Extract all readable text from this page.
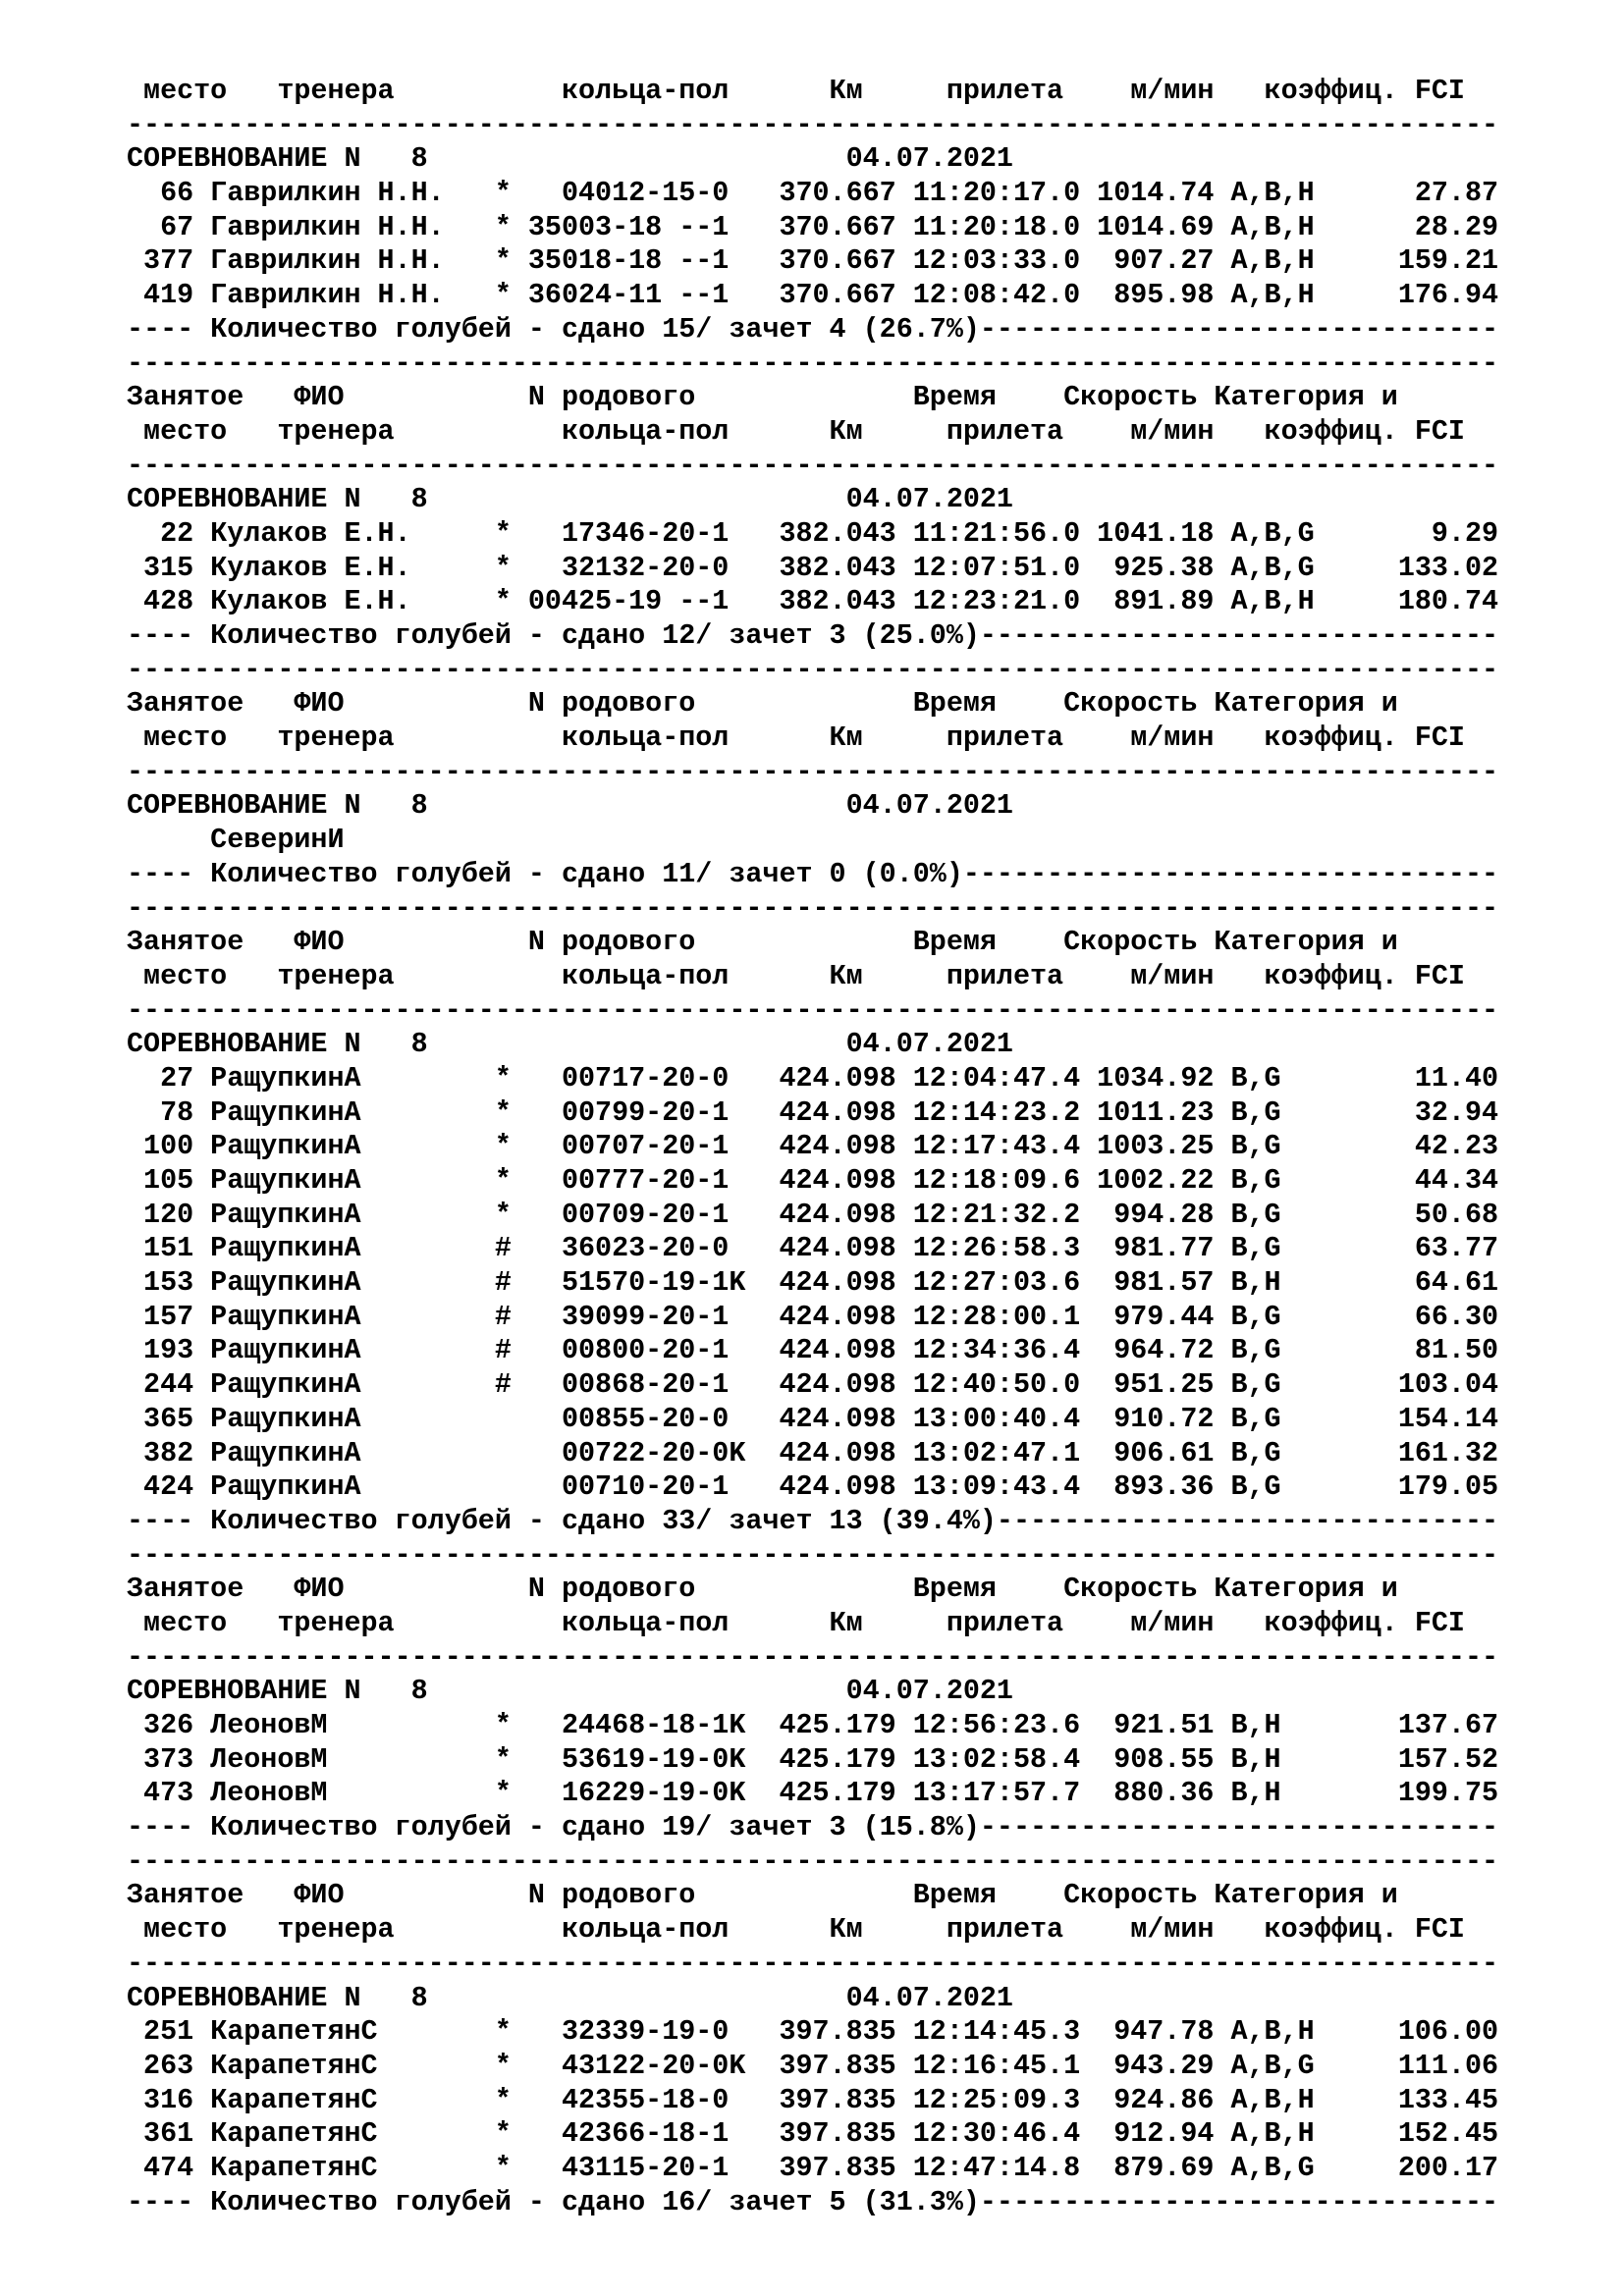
место   тренера          кольца-пол      Км     прилета    м/мин   коэффиц. FCI
----------------------------------------------------------------------------------
СОРЕВНОВАНИЕ N   8                         04.07.2021
66 Гаврилкин Н.Н.   *   04012-15-0   370.667 11:20:17.0 1014.74 A,B,H      27.87
67 Гаврилкин Н.Н.   * 35003-18 --1   370.667 11:20:18.0 1014.69 A,B,H      28.29
377 Гаврилкин Н.Н.   * 35018-18 --1   370.667 12:03:33.0  907.27 A,B,H     159.21
419 Гаврилкин Н.Н.   * 36024-11 --1   370.667 12:08:42.0  895.98 A,B,H     176.94
---- Количество голубей - сдано 15/ зачет 4 (26.7%)-------------------------------
----------------------------------------------------------------------------------
Занятое   ФИО           N родового             Время    Скорость Категория и
место   тренера          кольца-пол      Км     прилета    м/мин   коэффиц. FCI
----------------------------------------------------------------------------------
СОРЕВНОВАНИЕ N   8                         04.07.2021
22 Кулаков Е.Н.     *   17346-20-1   382.043 11:21:56.0 1041.18 A,B,G       9.29
315 Кулаков Е.Н.     *   32132-20-0   382.043 12:07:51.0  925.38 A,B,G     133.02
428 Кулаков Е.Н.     * 00425-19 --1   382.043 12:23:21.0  891.89 A,B,H     180.74
---- Количество голубей - сдано 12/ зачет 3 (25.0%)-------------------------------
----------------------------------------------------------------------------------
Занятое   ФИО           N родового             Время    Скорость Категория и
место   тренера          кольца-пол      Км     прилета    м/мин   коэффиц. FCI
----------------------------------------------------------------------------------
СОРЕВНОВАНИЕ N   8                         04.07.2021
СеверинИ
---- Количество голубей - сдано 11/ зачет 0 (0.0%)--------------------------------
----------------------------------------------------------------------------------
Занятое   ФИО           N родового             Время    Скорость Категория и
место   тренера          кольца-пол      Км     прилета    м/мин   коэффиц. FCI
----------------------------------------------------------------------------------
СОРЕВНОВАНИЕ N   8                         04.07.2021
27 РащупкинА        *   00717-20-0   424.098 12:04:47.4 1034.92 B,G        11.40
78 РащупкинА        *   00799-20-1   424.098 12:14:23.2 1011.23 B,G        32.94
100 РащупкинА        *   00707-20-1   424.098 12:17:43.4 1003.25 B,G        42.23
105 РащупкинА        *   00777-20-1   424.098 12:18:09.6 1002.22 B,G        44.34
120 РащупкинА        *   00709-20-1   424.098 12:21:32.2  994.28 B,G        50.68
151 РащупкинА        #   36023-20-0   424.098 12:26:58.3  981.77 B,G        63.77
153 РащупкинА        #   51570-19-1K  424.098 12:27:03.6  981.57 B,H        64.61
157 РащупкинА        #   39099-20-1   424.098 12:28:00.1  979.44 B,G        66.30
193 РащупкинА        #   00800-20-1   424.098 12:34:36.4  964.72 B,G        81.50
244 РащупкинА        #   00868-20-1   424.098 12:40:50.0  951.25 B,G       103.04
365 РащупкинА            00855-20-0   424.098 13:00:40.4  910.72 B,G       154.14
382 РащупкинА            00722-20-0K  424.098 13:02:47.1  906.61 B,G       161.32
424 РащупкинА            00710-20-1   424.098 13:09:43.4  893.36 B,G       179.05
---- Количество голубей - сдано 33/ зачет 13 (39.4%)------------------------------
----------------------------------------------------------------------------------
Занятое   ФИО           N родового             Время    Скорость Категория и
место   тренера          кольца-пол      Км     прилета    м/мин   коэффиц. FCI
----------------------------------------------------------------------------------
СОРЕВНОВАНИЕ N   8                         04.07.2021
326 ЛеоновМ          *   24468-18-1K  425.179 12:56:23.6  921.51 B,H       137.67
373 ЛеоновМ          *   53619-19-0K  425.179 13:02:58.4  908.55 B,H       157.52
473 ЛеоновМ          *   16229-19-0K  425.179 13:17:57.7  880.36 B,H       199.75
---- Количество голубей - сдано 19/ зачет 3 (15.8%)-------------------------------
----------------------------------------------------------------------------------
Занятое   ФИО           N родового             Время    Скорость Категория и
место   тренера          кольца-пол      Км     прилета    м/мин   коэффиц. FCI
----------------------------------------------------------------------------------
СОРЕВНОВАНИЕ N   8                         04.07.2021
251 КарапетянС       *   32339-19-0   397.835 12:14:45.3  947.78 A,B,H     106.00
263 КарапетянС       *   43122-20-0K  397.835 12:16:45.1  943.29 A,B,G     111.06
316 КарапетянС       *   42355-18-0   397.835 12:25:09.3  924.86 A,B,H     133.45
361 КарапетянС       *   42366-18-1   397.835 12:30:46.4  912.94 A,B,H     152.45
474 КарапетянС       *   43115-20-1   397.835 12:47:14.8  879.69 A,B,G     200.17
---- Количество голубей - сдано 16/ зачет 5 (31.3%)-------------------------------
